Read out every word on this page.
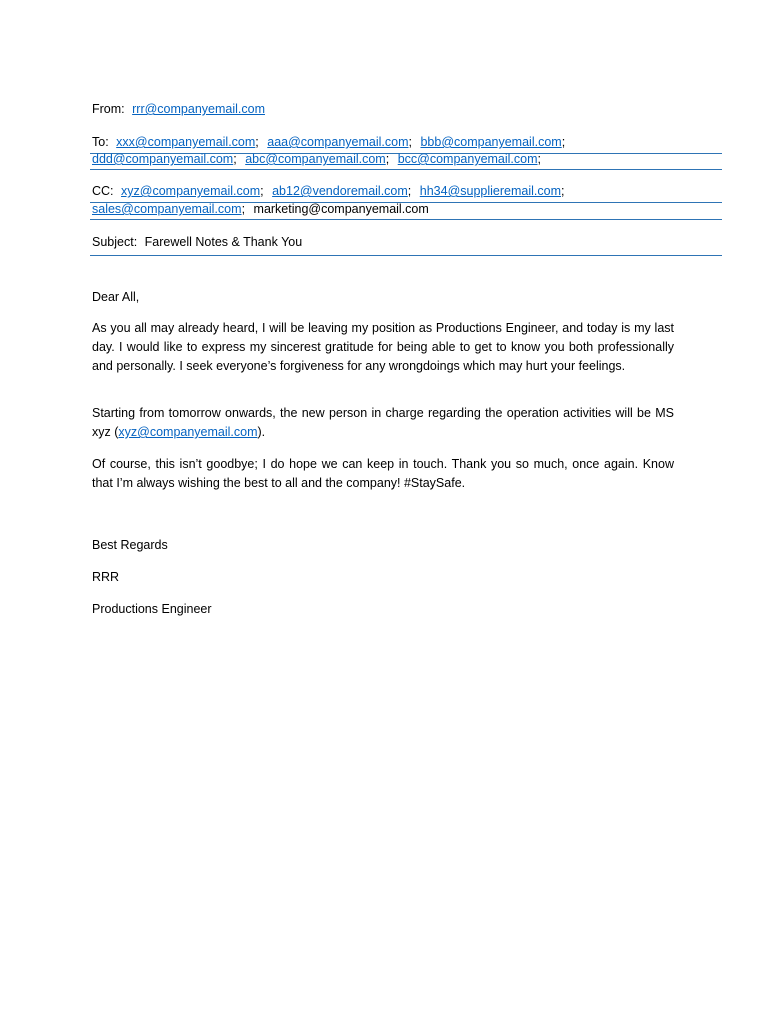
From: rrr@companyemail.com
To: xxx@companyemail.com; aaa@companyemail.com; bbb@companyemail.com;
ddd@companyemail.com; abc@companyemail.com; bcc@companyemail.com;
CC: xyz@companyemail.com; ab12@vendoremail.com; hh34@supplieremail.com;
sales@companyemail.com; marketing@companyemail.com
Subject: Farewell Notes & Thank You

Dear All,

As you all may already heard, I will be leaving my position as Productions Engineer, and today is my last day. I would like to express my sincerest gratitude for being able to get to know you both professionally and personally. I seek everyone’s forgiveness for any wrongdoings which may hurt your feelings.

Starting from tomorrow onwards, the new person in charge regarding the operation activities will be MS xyz (xyz@companyemail.com).

Of course, this isn’t goodbye; I do hope we can keep in touch. Thank you so much, once again. Know that I’m always wishing the best to all and the company! #StaySafe.

Best Regards
RRR
Productions Engineer
